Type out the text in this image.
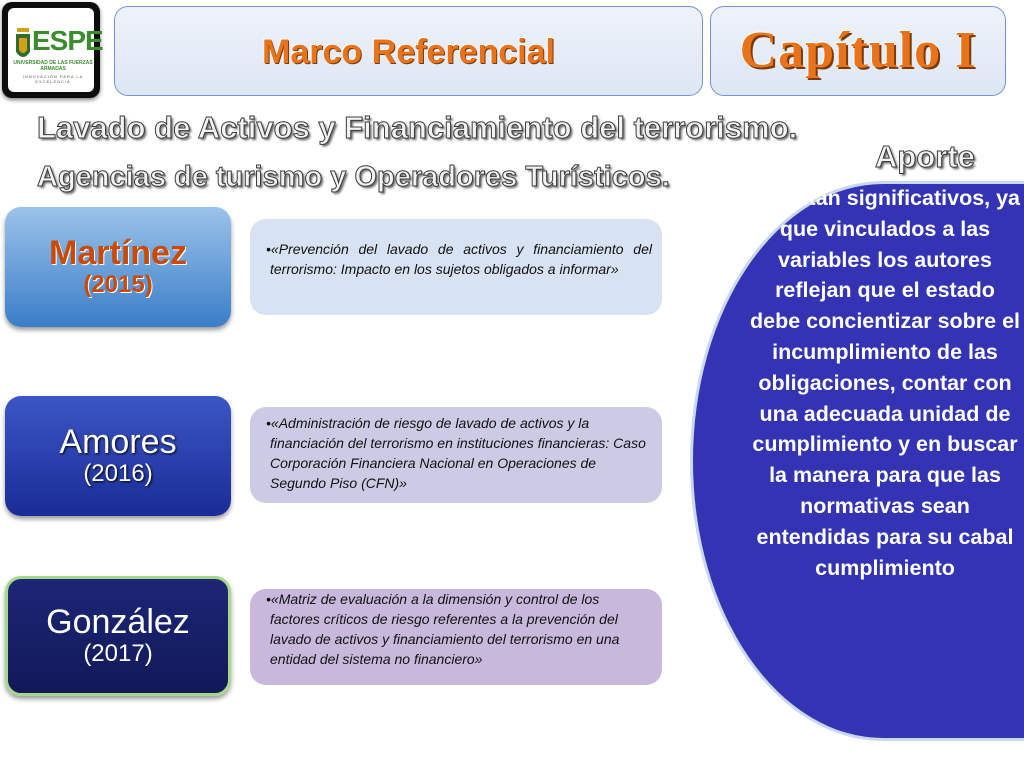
ESPE
UNIVERSIDAD DE LAS FUERZAS ARMADAS
INNOVACIÓN PARA LA EXCELENCIA
Marco Referencial	Capítulo I
Lavado de Activos y Financiamiento del terrorismo.
Agencias de turismo y Operadores Turísticos.
Aporte
Martínez
(2015)
Amores
(2016)
González
(2017)
•«Prevención del lavado de activos y financiamiento del terrorismo: Impacto en los sujetos obligados a informar»
•«Administración de riesgo de lavado de activos y la financiación del terrorismo en instituciones financieras: Caso Corporación Financiera Nacional en Operaciones de Segundo Piso (CFN)»
•«Matriz de evaluación a la dimensión y control de los factores críticos de riesgo referentes a la prevención del lavado de activos y financiamiento del terrorismo en una entidad del sistema no financiero»
Resultan significativos, ya que vinculados a las variables los autores reflejan que el estado debe concientizar sobre el incumplimiento de las obligaciones, contar con una adecuada unidad de cumplimiento y en buscar la manera para que las normativas sean entendidas para su cabal cumplimiento
